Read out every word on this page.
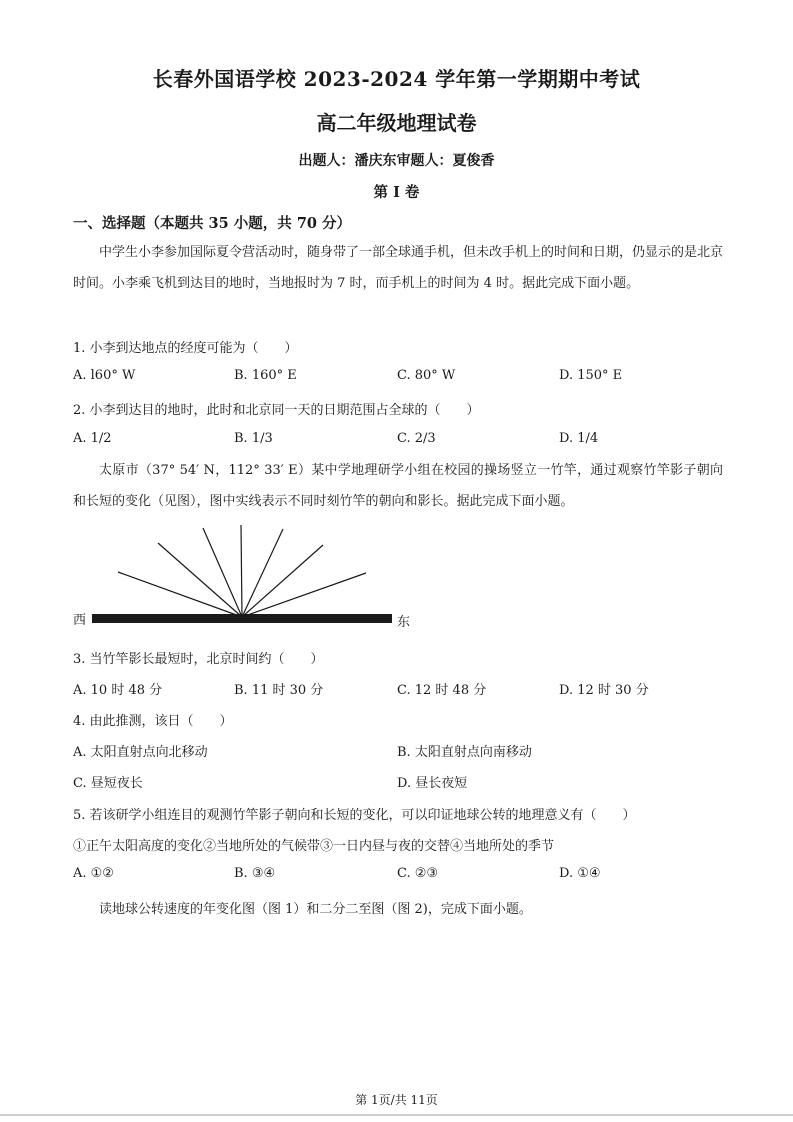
长春外国语学校 2023-2024 学年第一学期期中考试
高二年级地理试卷
出题人：潘庆东审题人：夏俊香
第 I 卷
一、选择题（本题共 35 小题，共 70 分）
中学生小李参加国际夏令营活动时，随身带了一部全球通手机，但未改手机上的时间和日期，仍显示的是北京时间。小李乘飞机到达目的地时，当地报时为 7 时，而手机上的时间为 4 时。据此完成下面小题。
1. 小李到达地点的经度可能为（　　）
A. l60° W	B. 160° E	C. 80° W	D. 150° E
2. 小李到达目的地时，此时和北京同一天的日期范围占全球的（　　）
A. 1/2	B. 1/3	C. 2/3	D. 1/4
太原市（37° 54′ N，112° 33′ E）某中学地理研学小组在校园的操场竖立一竹竿，通过观察竹竿影子朝向和长短的变化（见图），图中实线表示不同时刻竹竿的朝向和影长。据此完成下面小题。
西	东
3. 当竹竿影长最短时，北京时间约（　　）
A. 10 时 48 分	B. 11 时 30 分	C. 12 时 48 分	D. 12 时 30 分
4. 由此推测，该日（　　）
A. 太阳直射点向北移动	B. 太阳直射点向南移动
C. 昼短夜长	D. 昼长夜短
5. 若该研学小组连目的观测竹竿影子朝向和长短的变化，可以印证地球公转的地理意义有（　　）
①正午太阳高度的变化②当地所处的气候带③一日内昼与夜的交替④当地所处的季节
A. ①②	B. ③④	C. ②③	D. ①④
读地球公转速度的年变化图（图 1）和二分二至图（图 2)，完成下面小题。
第 1页/共 11页
